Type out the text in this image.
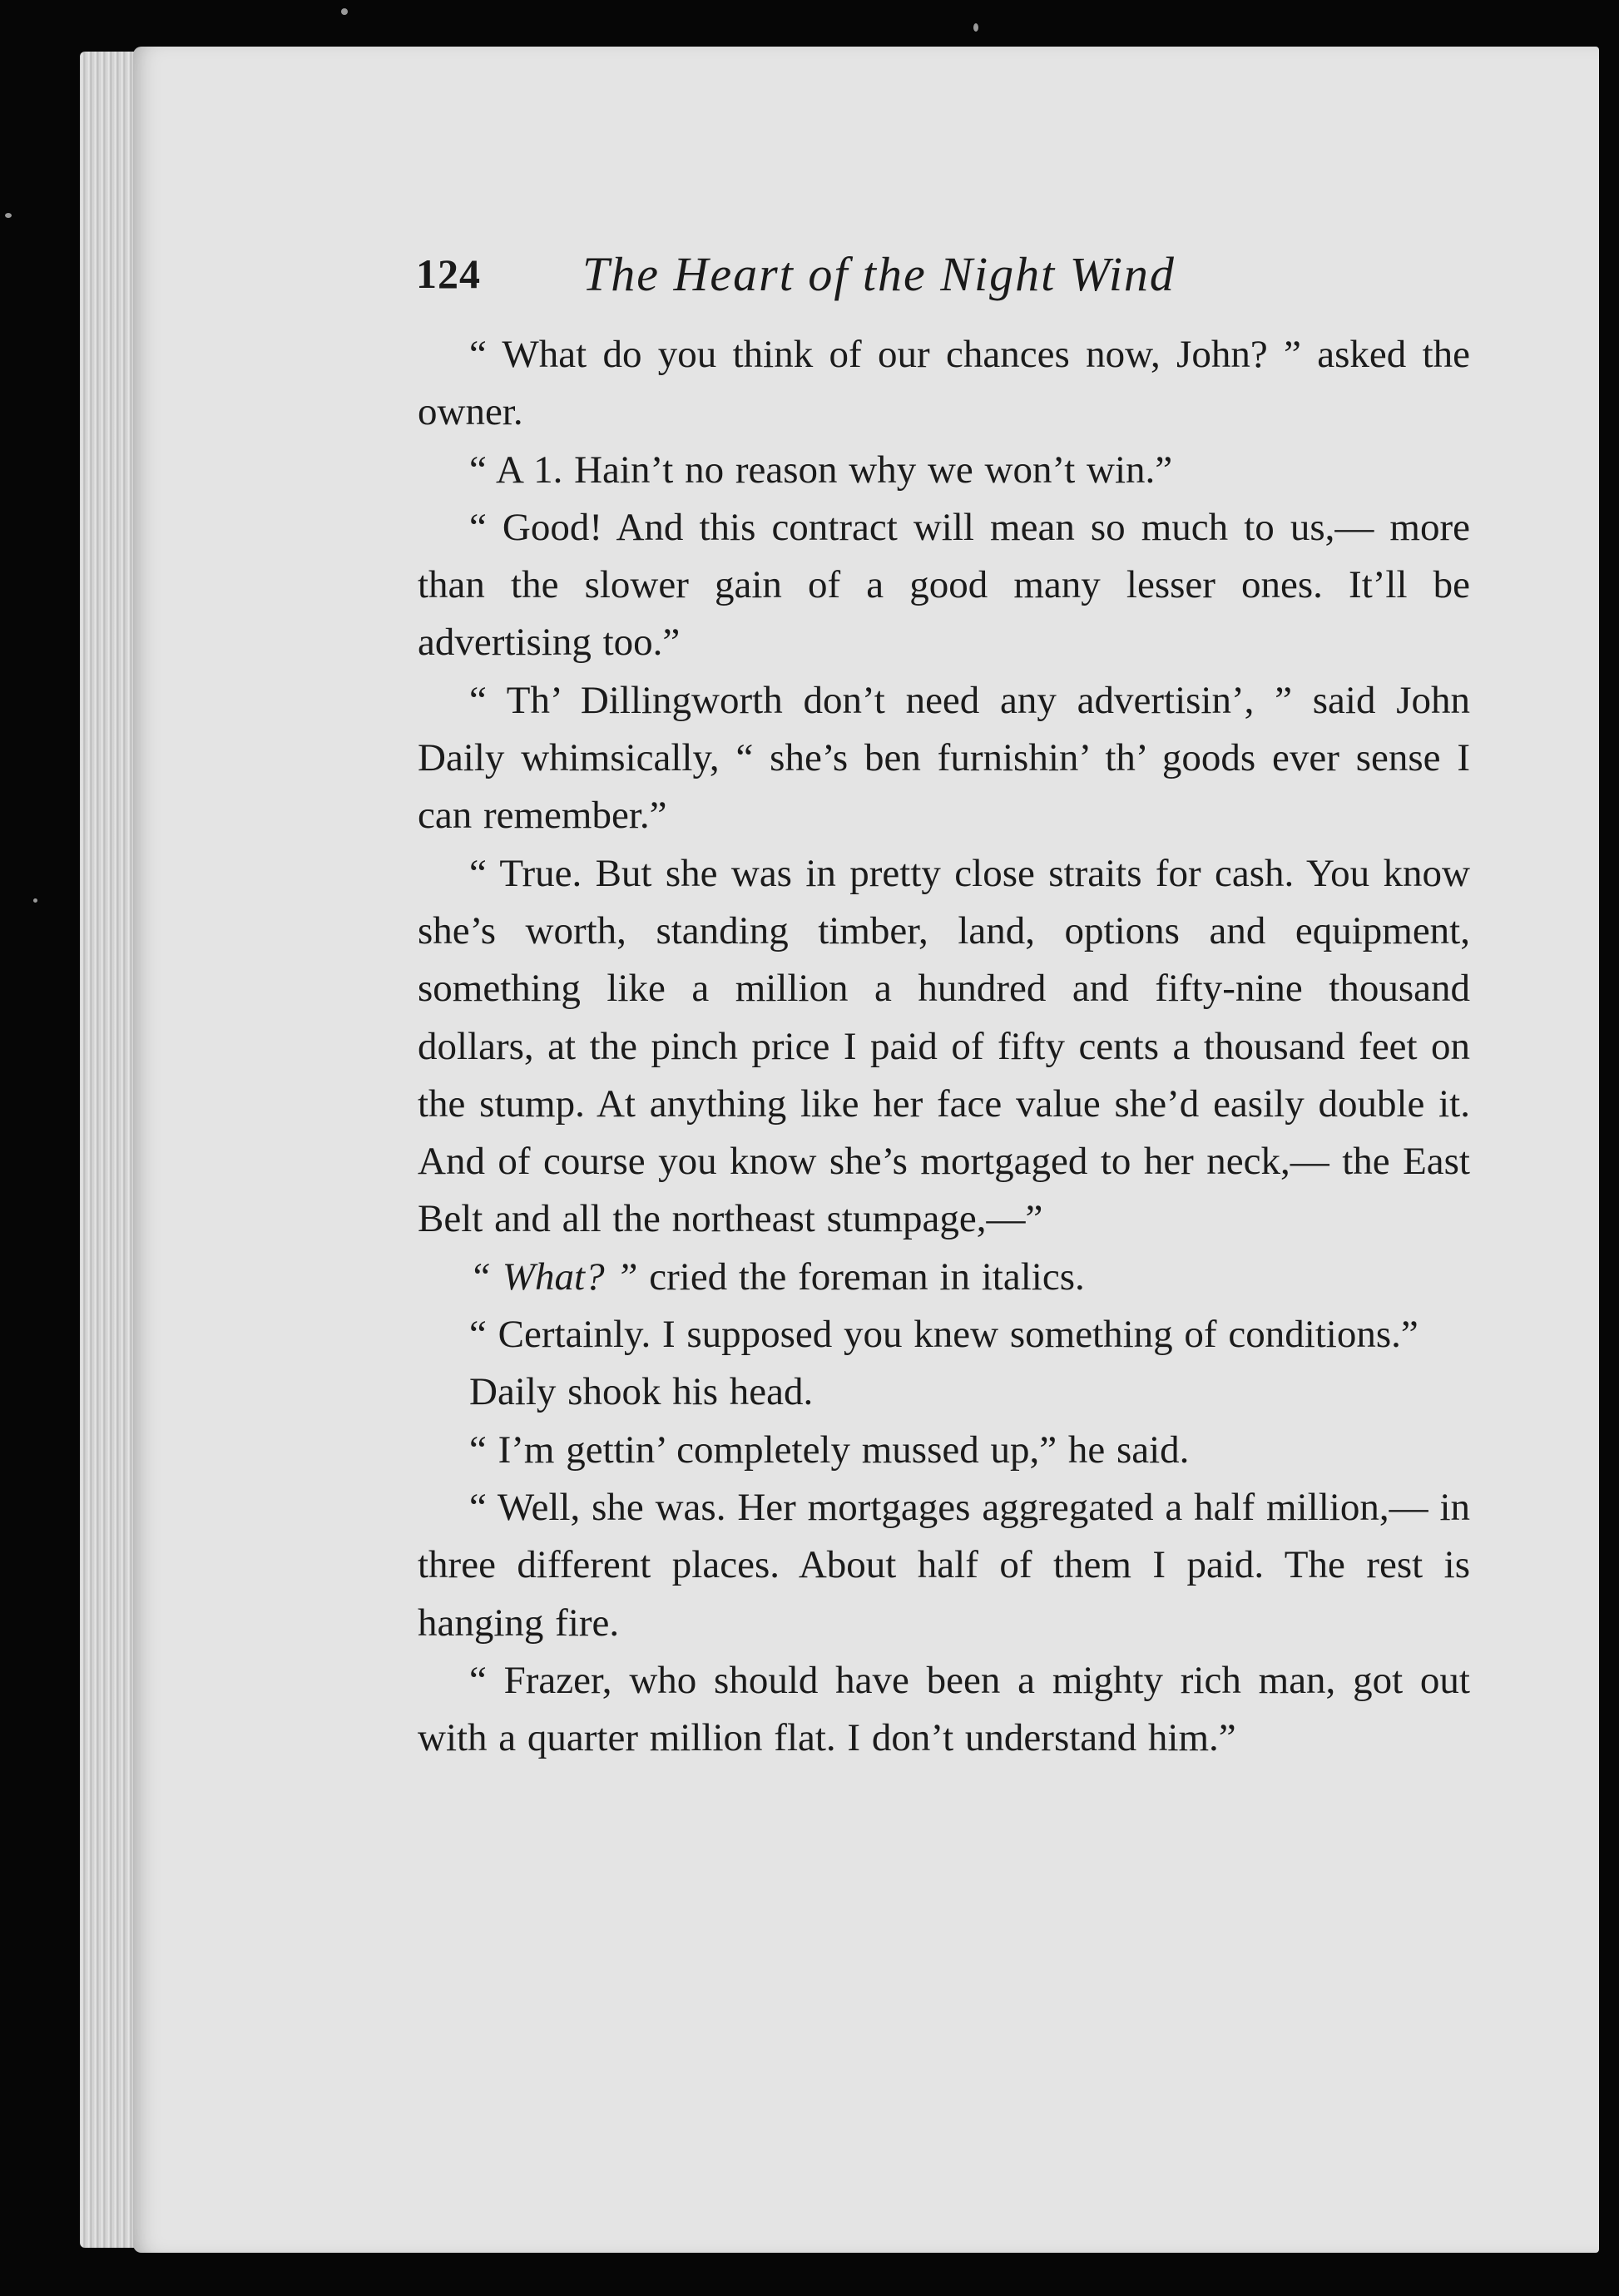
124 The Heart of the Night Wind

“ What do you think of our chances now, John? ” asked the owner.

“ A 1. Hain’t no reason why we won’t win.”

“ Good! And this contract will mean so much to us,— more than the slower gain of a good many lesser ones. It’ll be advertising too.”

“ Th’ Dillingworth don’t need any advertisin’, ” said John Daily whimsically, “ she’s ben furnishin’ th’ goods ever sense I can remember.”

“ True. But she was in pretty close straits for cash. You know she’s worth, standing timber, land, options and equipment, something like a million a hundred and fifty-nine thousand dollars, at the pinch price I paid of fifty cents a thousand feet on the stump. At anything like her face value she’d easily double it. And of course you know she’s mortgaged to her neck,— the East Belt and all the northeast stumpage,—”

“ What? ” cried the foreman in italics.

“ Certainly. I supposed you knew something of conditions.”

Daily shook his head.

“ I’m gettin’ completely mussed up,” he said.

“ Well, she was. Her mortgages aggregated a half million,— in three different places. About half of them I paid. The rest is hanging fire.

“ Frazer, who should have been a mighty rich man, got out with a quarter million flat. I don’t understand him.”
